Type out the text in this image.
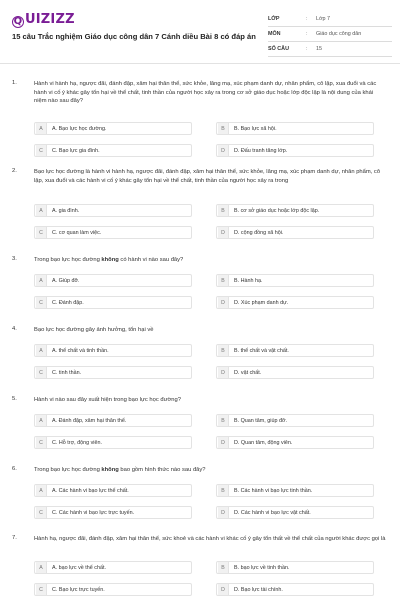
Q UIZIZZ
15 câu Trắc nghiệm Giáo dục công dân 7 Cánh diều Bài 8 có đáp án
LỚP	:	Lớp 7
MÔN	:	Giáo dục công dân
SỐ CÂU	:	15
1.	Hành vi hành hạ, ngược đãi, đánh đập, xâm hại thân thể, sức khỏe, lăng mạ, xúc phạm danh dự, nhân phẩm, cô lập, xua đuổi và các hành vi cố ý khác gây tổn hại về thể chất, tinh thần của người học xảy ra trong cơ sở giáo dục hoặc lớp độc lập là nội dung của khái niệm nào sau đây?
A	A. Bạo lực học đường.	B	B. Bạo lực xã hội.
C	C. Bạo lực gia đình.	D	D. Đấu tranh tăng lớp.
2.	Bạo lực học đường là hành vi hành hạ, ngược đãi, đánh đập, xâm hại thân thể, sức khỏe, lăng mạ, xúc phạm danh dự, nhân phẩm, cô lập, xua đuổi và các hành vi cố ý khác gây tổn hại về thể chất, tinh thần của người học xảy ra trong
A	A. gia đình.	B	B. cơ sở giáo dục hoặc lớp độc lập.
C	C. cơ quan làm việc.	D	D. cộng đồng xã hội.
3.	Trong bạo lực học đường không có hành vi nào sau đây?
A	A. Giúp đỡ.	B	B. Hành hạ.
C	C. Đánh đập.	D	D. Xúc phạm danh dự.
4.	Bạo lực học đường gây ảnh hưởng, tổn hại về
A	A. thể chất và tinh thần.	B	B. thể chất và vật chất.
C	C. tinh thần.	D	D. vật chất.
5.	Hành vi nào sau đây xuất hiện trong bạo lực học đường?
A	A. Đánh đập, xâm hại thân thể.	B	B. Quan tâm, giúp đỡ.
C	C. Hỗ trợ, động viên.	D	D. Quan tâm, động viên.
6.	Trong bạo lực học đường không bao gồm hình thức nào sau đây?
A	A. Các hành vi bạo lực thể chất.	B	B. Các hành vi bạo lực tinh thần.
C	C. Các hành vi bạo lực trực tuyến.	D	D. Các hành vi bạo lực vật chất.
7.	Hành hạ, ngược đãi, đánh đập, xâm hại thân thể, sức khoẻ và các hành vi khác cố ý gây tổn thất về thể chất của người khác được gọi là
A	A. bạo lực về thể chất.	B	B. bạo lực về tinh thần.
C	C. Bạo lực trực tuyến.	D	D. Bạo lực tài chính.
